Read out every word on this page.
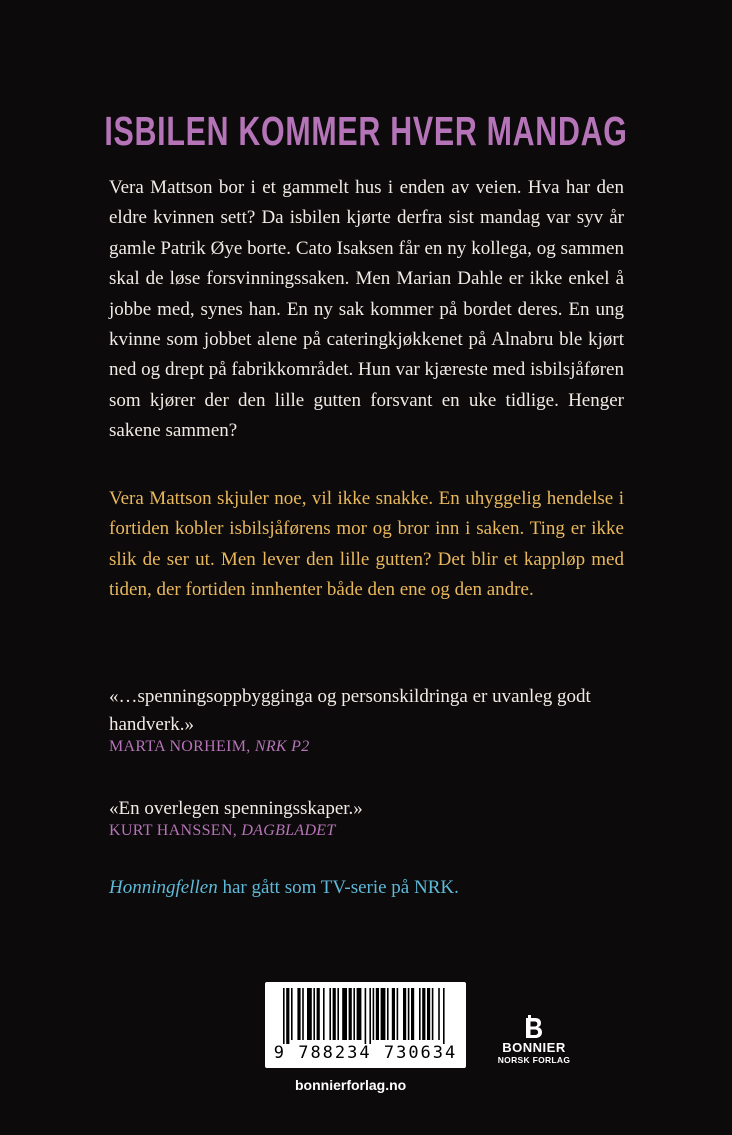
ISBILEN KOMMER HVER MANDAG

Vera Mattson bor i et gammelt hus i enden av veien. Hva har den eldre kvinnen sett? Da isbilen kjørte derfra sist mandag var syv år gamle Patrik Øye borte. Cato Isaksen får en ny kollega, og sammen skal de løse forsvinningssaken. Men Marian Dahle er ikke enkel å jobbe med, synes han. En ny sak kommer på bordet deres. En ung kvinne som jobbet alene på cateringkjøkkenet på Alnabru ble kjørt ned og drept på fabrikkområdet. Hun var kjæreste med isbilsjåføren som kjører der den lille gutten forsvant en uke tidlige. Henger sakene sammen?

Vera Mattson skjuler noe, vil ikke snakke. En uhyggelig hendelse i fortiden kobler isbilsjåførens mor og bror inn i saken. Ting er ikke slik de ser ut. Men lever den lille gutten? Det blir et kappløp med tiden, der fortiden innhenter både den ene og den andre.

«…spenningsoppbygginga og personskildringa er uvanleg godt handverk.»

MARTA NORHEIM, NRK P2

«En overlegen spenningsskaper.»

KURT HANSSEN, DAGBLADET

Honningfellen har gått som TV-serie på NRK.

9 788234 730634
bonnierforlag.no
BONNIER
NORSK FORLAG
